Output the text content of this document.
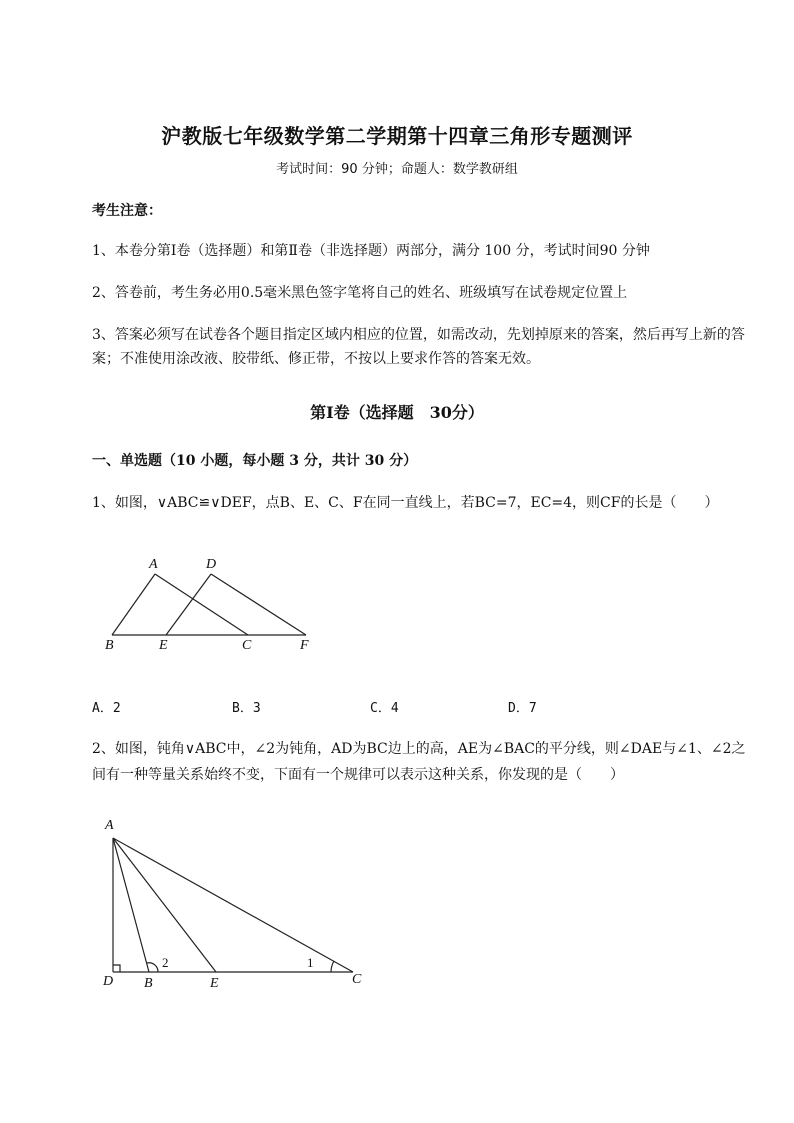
沪教版七年级数学第二学期第十四章三角形专题测评
考试时间：90 分钟；命题人：数学教研组
考生注意：
1、本卷分第Ⅰ卷（选择题）和第Ⅱ卷（非选择题）两部分，满分 100 分，考试时间90 分钟
2、答卷前，考生务必用0.5毫米黑色签字笔将自己的姓名、班级填写在试卷规定位置上
3、答案必须写在试卷各个题目指定区域内相应的位置，如需改动，先划掉原来的答案，然后再写上新的答案；不准使用涂改液、胶带纸、修正带，不按以上要求作答的答案无效。
第Ⅰ卷（选择题　30分）
一、单选题（10 小题，每小题 3 分，共计 30 分）
1、如图，∨ABC≌∨DEF，点B、E、C、F在同一直线上，若BC=7，EC=4，则CF的长是（　　）
A	D
B	E	C	F
A．2	B．3	C．4	D．7
2、如图，钝角∨ABC中，∠2为钝角，AD为BC边上的高，AE为∠BAC的平分线，则∠DAE与∠1、∠2之间有一种等量关系始终不变，下面有一个规律可以表示这种关系，你发现的是（　　）
A
D B	E	C
2	1
